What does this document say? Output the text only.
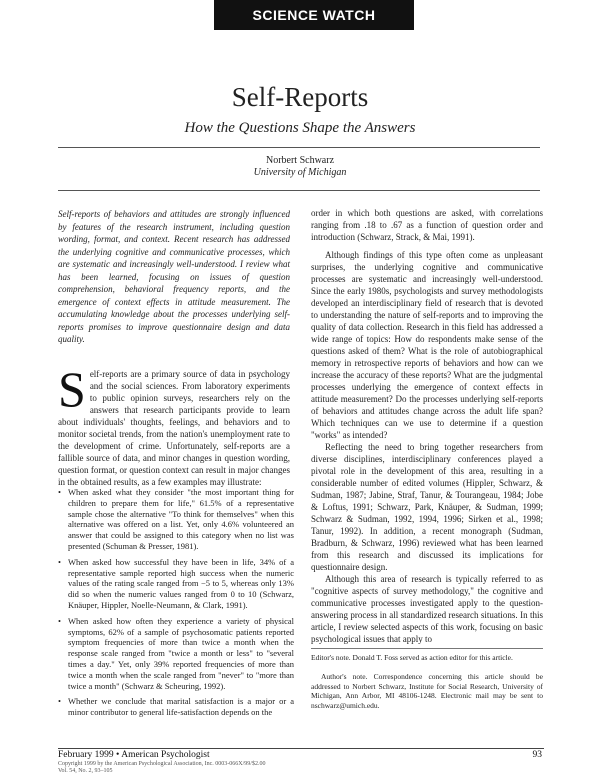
SCIENCE WATCH
Self-Reports
How the Questions Shape the Answers
Norbert Schwarz
University of Michigan
Self-reports of behaviors and attitudes are strongly influenced by features of the research instrument, including question wording, format, and context. Recent research has addressed the underlying cognitive and communicative processes, which are systematic and increasingly well-understood. I review what has been learned, focusing on issues of question comprehension, behavioral frequency reports, and the emergence of context effects in attitude measurement. The accumulating knowledge about the processes underlying self-reports promises to improve questionnaire design and data quality.
Self-reports are a primary source of data in psychology and the social sciences. From laboratory experiments to public opinion surveys, researchers rely on the answers that research participants provide to learn about individuals' thoughts, feelings, and behaviors and to monitor societal trends, from the nation's unemployment rate to the development of crime. Unfortunately, self-reports are a fallible source of data, and minor changes in question wording, question format, or question context can result in major changes in the obtained results, as a few examples may illustrate:
• When asked what they consider "the most important thing for children to prepare them for life," 61.5% of a representative sample chose the alternative "To think for themselves" when this alternative was offered on a list. Yet, only 4.6% volunteered an answer that could be assigned to this category when no list was presented (Schuman & Presser, 1981).
• When asked how successful they have been in life, 34% of a representative sample reported high success when the numeric values of the rating scale ranged from −5 to 5, whereas only 13% did so when the numeric values ranged from 0 to 10 (Schwarz, Knäuper, Hippler, Noelle-Neumann, & Clark, 1991).
• When asked how often they experience a variety of physical symptoms, 62% of a sample of psychosomatic patients reported symptom frequencies of more than twice a month when the response scale ranged from "twice a month or less" to "several times a day." Yet, only 39% reported frequencies of more than twice a month when the scale ranged from "never" to "more than twice a month" (Schwarz & Scheuring, 1992).
• Whether we conclude that marital satisfaction is a major or a minor contributor to general life-satisfaction depends on the

order in which both questions are asked, with correlations ranging from .18 to .67 as a function of question order and introduction (Schwarz, Strack, & Mai, 1991).

Although findings of this type often come as unpleasant surprises, the underlying cognitive and communicative processes are systematic and increasingly well-understood. Since the early 1980s, psychologists and survey methodologists developed an interdisciplinary field of research that is devoted to understanding the nature of self-reports and to improving the quality of data collection. Research in this field has addressed a wide range of topics: How do respondents make sense of the questions asked of them? What is the role of autobiographical memory in retrospective reports of behaviors and how can we increase the accuracy of these reports? What are the judgmental processes underlying the emergence of context effects in attitude measurement? Do the processes underlying self-reports of behaviors and attitudes change across the adult life span? Which techniques can we use to determine if a question "works" as intended?

Reflecting the need to bring together researchers from diverse disciplines, interdisciplinary conferences played a pivotal role in the development of this area, resulting in a considerable number of edited volumes (Hippler, Schwarz, & Sudman, 1987; Jabine, Straf, Tanur, & Tourangeau, 1984; Jobe & Loftus, 1991; Schwarz, Park, Knäuper, & Sudman, 1999; Schwarz & Sudman, 1992, 1994, 1996; Sirken et al., 1998; Tanur, 1992). In addition, a recent monograph (Sudman, Bradburn, & Schwarz, 1996) reviewed what has been learned from this research and discussed its implications for questionnaire design.

Although this area of research is typically referred to as "cognitive aspects of survey methodology," the cognitive and communicative processes investigated apply to the question-answering process in all standardized research situations. In this article, I review selected aspects of this work, focusing on basic psychological issues that apply to

Editor's note. Donald T. Foss served as action editor for this article.
Author's note. Correspondence concerning this article should be addressed to Norbert Schwarz, Institute for Social Research, University of Michigan, Ann Arbor, MI 48106-1248. Electronic mail may be sent to nschwarz@umich.edu.
February 1999 • American Psychologist	93
Copyright 1999 by the American Psychological Association, Inc. 0003-066X/99/$2.00
Vol. 54, No. 2, 93–105
